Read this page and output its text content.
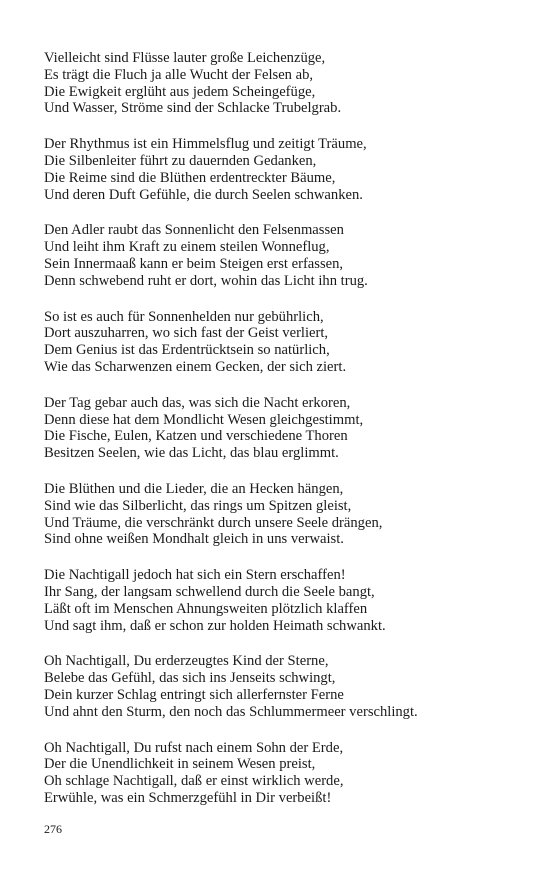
Vielleicht sind Flüsse lauter große Leichenzüge,
Es trägt die Fluch ja alle Wucht der Felsen ab,
Die Ewigkeit erglüht aus jedem Scheingefüge,
Und Wasser, Ströme sind der Schlacke Trubelgrab.
Der Rhythmus ist ein Himmelsflug und zeitigt Träume,
Die Silbenleiter führt zu dauernden Gedanken,
Die Reime sind die Blüthen erdentreckter Bäume,
Und deren Duft Gefühle, die durch Seelen schwanken.
Den Adler raubt das Sonnenlicht den Felsenmassen
Und leiht ihm Kraft zu einem steilen Wonneflug,
Sein Innermaaß kann er beim Steigen erst erfassen,
Denn schwebend ruht er dort, wohin das Licht ihn trug.
So ist es auch für Sonnenhelden nur gebührlich,
Dort auszuharren, wo sich fast der Geist verliert,
Dem Genius ist das Erdentrücktsein so natürlich,
Wie das Scharwenzen einem Gecken, der sich ziert.
Der Tag gebar auch das, was sich die Nacht erkoren,
Denn diese hat dem Mondlicht Wesen gleichgestimmt,
Die Fische, Eulen, Katzen und verschiedene Thoren
Besitzen Seelen, wie das Licht, das blau erglimmt.
Die Blüthen und die Lieder, die an Hecken hängen,
Sind wie das Silberlicht, das rings um Spitzen gleist,
Und Träume, die verschränkt durch unsere Seele drängen,
Sind ohne weißen Mondhalt gleich in uns verwaist.
Die Nachtigall jedoch hat sich ein Stern erschaffen!
Ihr Sang, der langsam schwellend durch die Seele bangt,
Läßt oft im Menschen Ahnungsweiten plötzlich klaffen
Und sagt ihm, daß er schon zur holden Heimath schwankt.
Oh Nachtigall, Du erderzeugtes Kind der Sterne,
Belebe das Gefühl, das sich ins Jenseits schwingt,
Dein kurzer Schlag entringt sich allerfernster Ferne
Und ahnt den Sturm, den noch das Schlummermeer verschlingt.
Oh Nachtigall, Du rufst nach einem Sohn der Erde,
Der die Unendlichkeit in seinem Wesen preist,
Oh schlage Nachtigall, daß er einst wirklich werde,
Erwühle, was ein Schmerzgefühl in Dir verbeißt!
276
